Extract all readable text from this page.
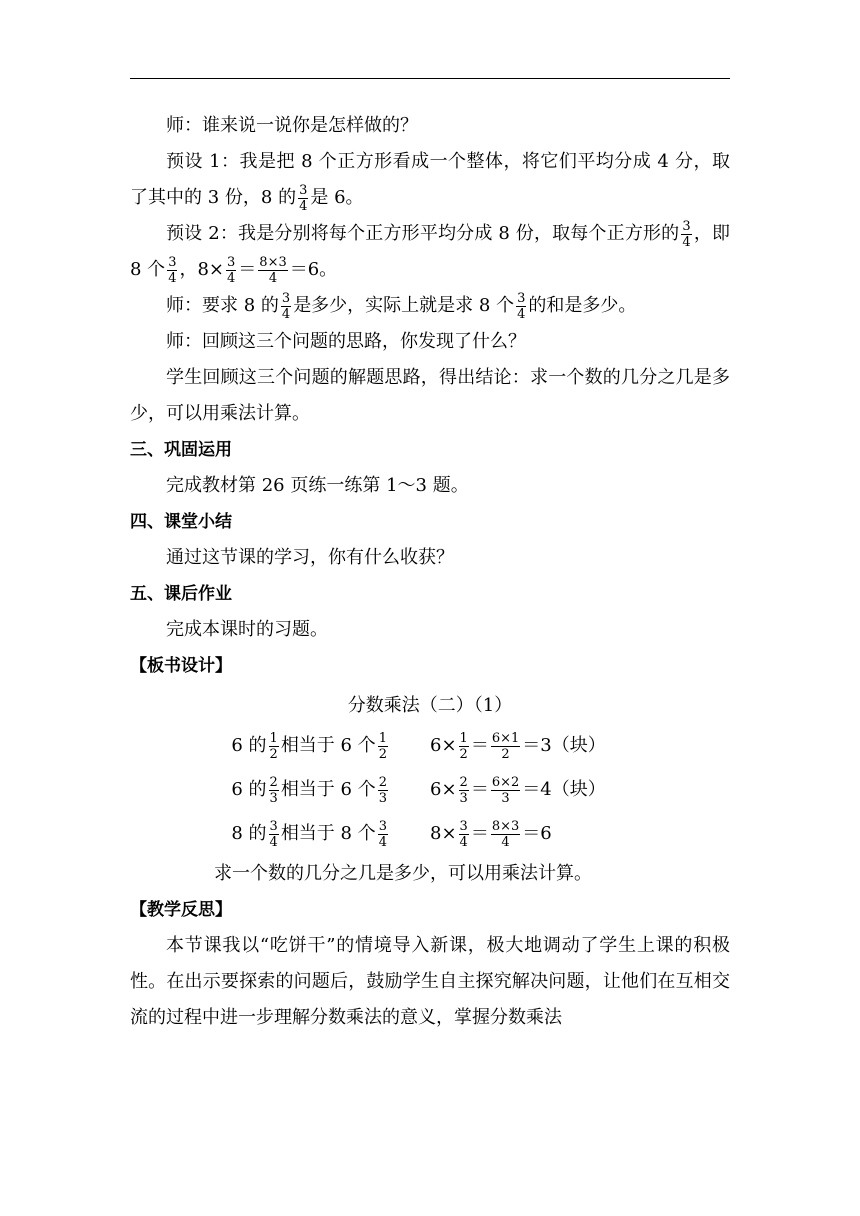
师：谁来说一说你是怎样做的？

预设 1：我是把 8 个正方形看成一个整体，将它们平均分成 4 分，取了其中的 3 份，8 的 $\frac{3}{4}$ 是 6。

预设 2：我是分别将每个正方形平均分成 8 份，取每个正方形的 $\frac{3}{4}$ ，即 8 个 $\frac{3}{4}$ ，$8\times \frac{3}{4} = \frac{8\times 3}{4} =6$。

师：要求 8 的 $\frac{3}{4}$ 是多少，实际上就是求 8 个 $\frac{3}{4}$ 的和是多少。

师：回顾这三个问题的思路，你发现了什么？

学生回顾这三个问题的解题思路，得出结论：求一个数的几分之几是多少，可以用乘法计算。

三、巩固运用

完成教材第 26 页练一练第 1～3 题。

四、课堂小结

通过这节课的学习，你有什么收获？

五、课后作业

完成本课时的习题。

【板书设计】

分数乘法（二）（1）
6 的 $\frac{1}{2}$ 相当于 6 个 $\frac{1}{2} 6\times \frac{1}{2} = \frac{6\times 1}{2} =3$（块）
6 的 $\frac{2}{3}$ 相当于 6 个 $\frac{2}{3} 6\times \frac{2}{3} = \frac{6\times 2}{3} =4$（块）
8 的 $\frac{3}{4}$ 相当于 8 个 $\frac{3}{4} 8\times \frac{3}{4} = \frac{8\times 3}{4} =6$

求一个数的几分之几是多少，可以用乘法计算。

【教学反思】

本节课我以“吃饼干”的情境导入新课，极大地调动了学生上课的积极性。在出示要探索的问题后，鼓励学生自主探究解决问题，让他们在互相交流的过程中进一步理解分数乘法的意义，掌握分数乘法
